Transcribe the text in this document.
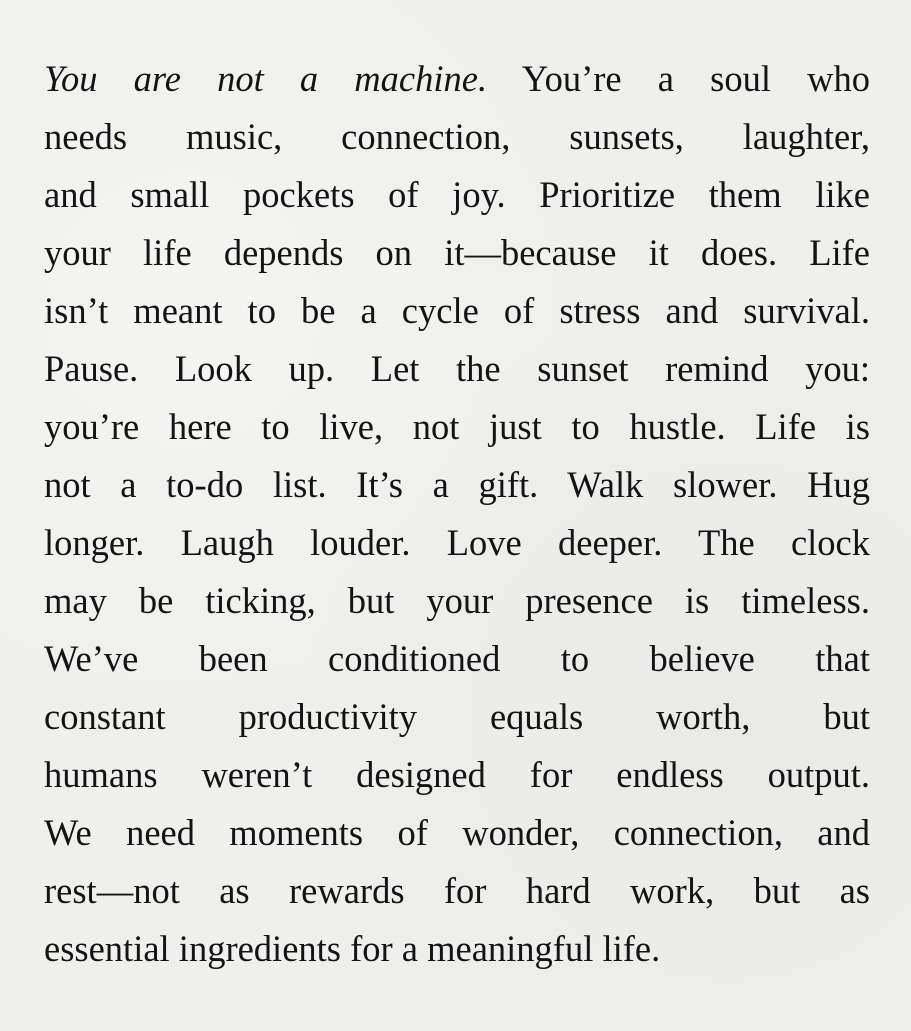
You are not a machine. You’re a soul who
needs music, connection, sunsets, laughter,
and small pockets of joy. Prioritize them like
your life depends on it—because it does. Life
isn’t meant to be a cycle of stress and survival.
Pause. Look up. Let the sunset remind you:
you’re here to live, not just to hustle. Life is
not a to-do list. It’s a gift. Walk slower. Hug
longer. Laugh louder. Love deeper. The clock
may be ticking, but your presence is timeless.
We’ve been conditioned to believe that
constant productivity equals worth, but
humans weren’t designed for endless output.
We need moments of wonder, connection, and
rest—not as rewards for hard work, but as
essential ingredients for a meaningful life.
